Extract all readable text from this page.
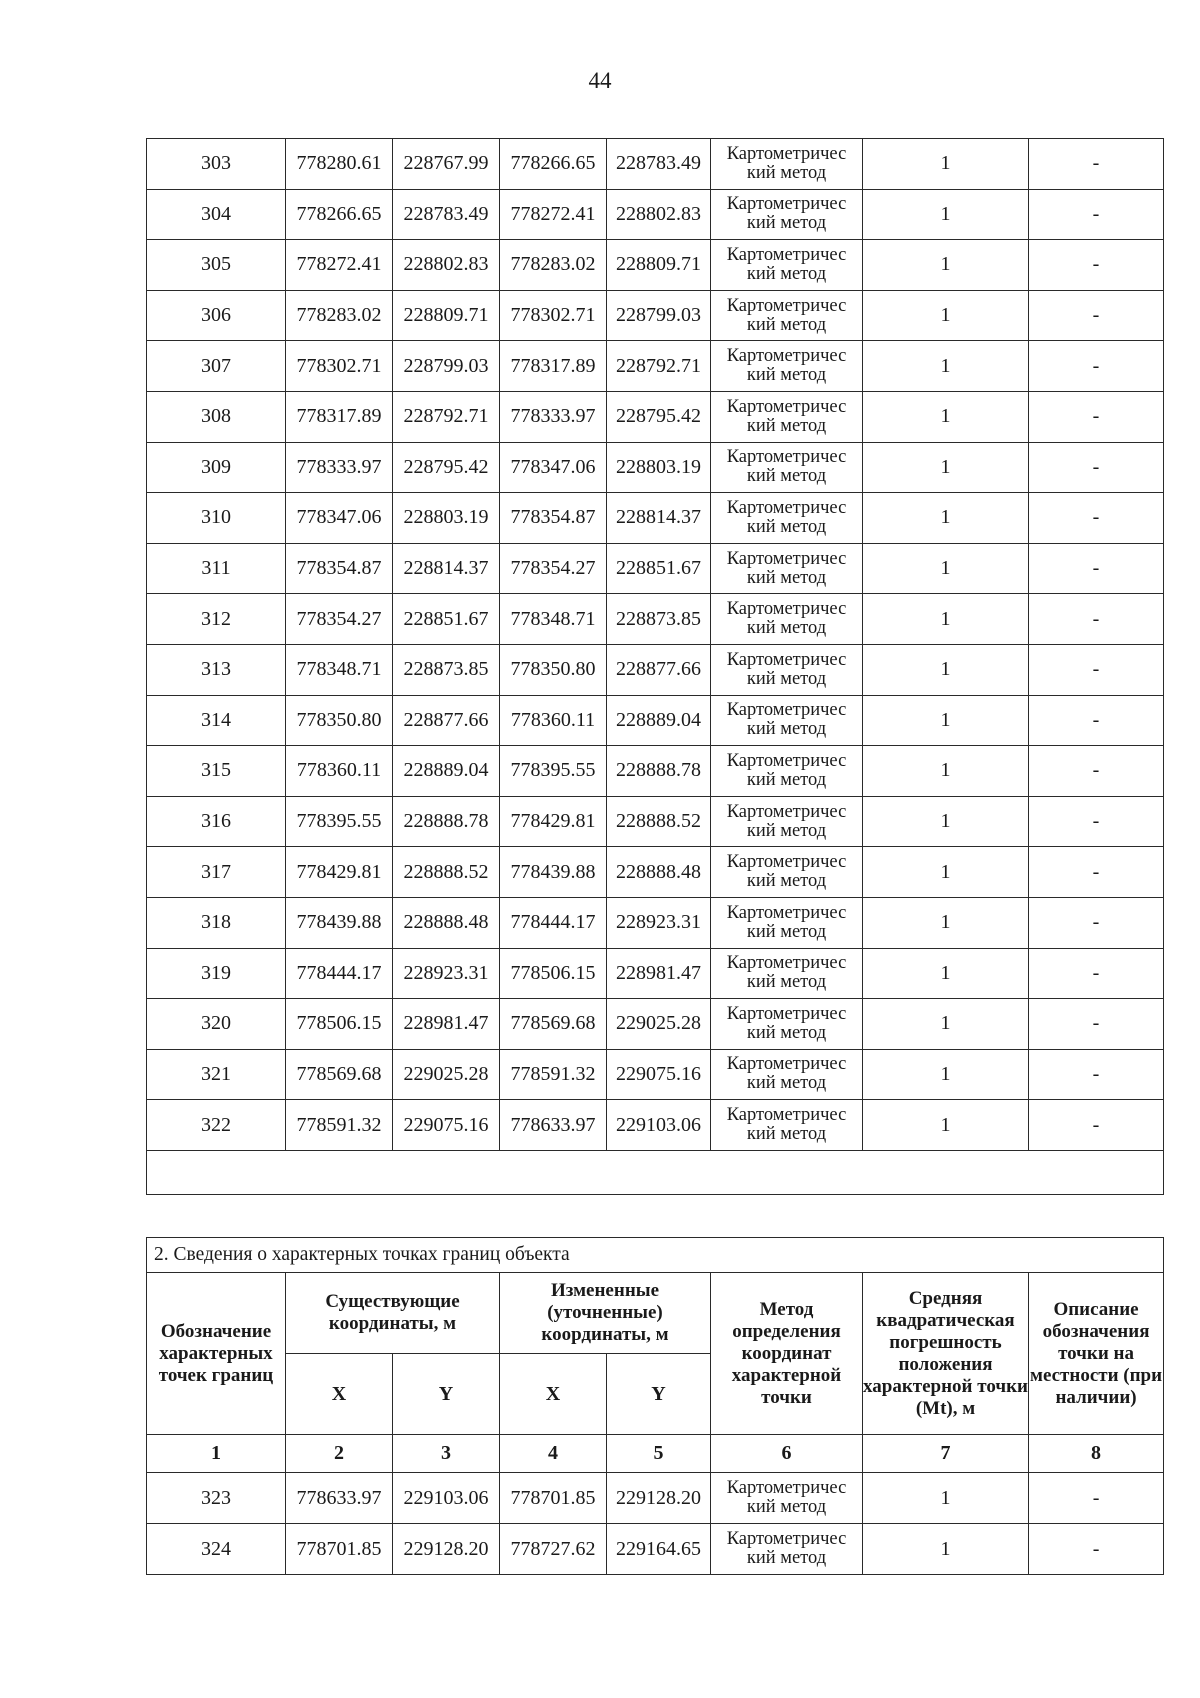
44
303	778280.61	228767.99	778266.65	228783.49	Картометричес кий метод	1	-
304	778266.65	228783.49	778272.41	228802.83	Картометричес кий метод	1	-
305	778272.41	228802.83	778283.02	228809.71	Картометричес кий метод	1	-
306	778283.02	228809.71	778302.71	228799.03	Картометричес кий метод	1	-
307	778302.71	228799.03	778317.89	228792.71	Картометричес кий метод	1	-
308	778317.89	228792.71	778333.97	228795.42	Картометричес кий метод	1	-
309	778333.97	228795.42	778347.06	228803.19	Картометричес кий метод	1	-
310	778347.06	228803.19	778354.87	228814.37	Картометричес кий метод	1	-
311	778354.87	228814.37	778354.27	228851.67	Картометричес кий метод	1	-
312	778354.27	228851.67	778348.71	228873.85	Картометричес кий метод	1	-
313	778348.71	228873.85	778350.80	228877.66	Картометричес кий метод	1	-
314	778350.80	228877.66	778360.11	228889.04	Картометричес кий метод	1	-
315	778360.11	228889.04	778395.55	228888.78	Картометричес кий метод	1	-
316	778395.55	228888.78	778429.81	228888.52	Картометричес кий метод	1	-
317	778429.81	228888.52	778439.88	228888.48	Картометричес кий метод	1	-
318	778439.88	228888.48	778444.17	228923.31	Картометричес кий метод	1	-
319	778444.17	228923.31	778506.15	228981.47	Картометричес кий метод	1	-
320	778506.15	228981.47	778569.68	229025.28	Картометричес кий метод	1	-
321	778569.68	229025.28	778591.32	229075.16	Картометричес кий метод	1	-
322	778591.32	229075.16	778633.97	229103.06	Картометричес кий метод	1	-

2. Сведения о характерных точках границ объекта							
Обозначение характерных точек границ	Существующие координаты, м		Измененные (уточненные) координаты, м		Метод определения координат характерной точки	Средняя квадратическая погрешность положения характерной точки (Mt), м	Описание обозначения точки на местности (при наличии)
	X	Y	X	Y			
1	2	3	4	5	6	7	8
323	778633.97	229103.06	778701.85	229128.20	Картометричес кий метод	1	-
324	778701.85	229128.20	778727.62	229164.65	Картометричес кий метод	1	-
